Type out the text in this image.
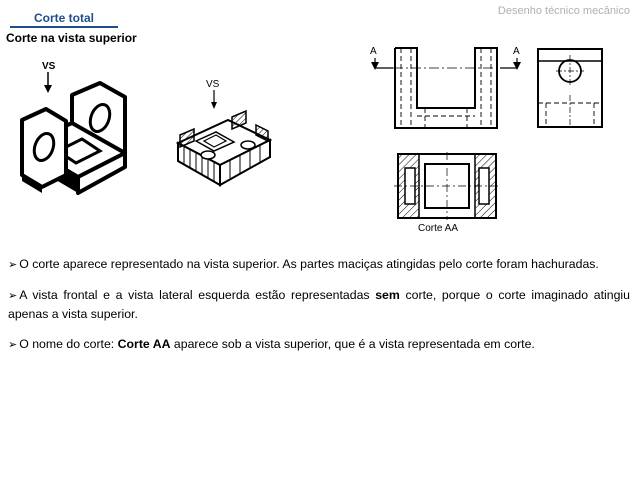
Desenho técnico mecânico
Corte total
Corte na vista superior
VS
VS
A	A
Corte AA

➢ O corte aparece representado na vista superior. As partes maciças atingidas pelo corte foram hachuradas.

➢ A vista frontal e a vista lateral esquerda estão representadas sem corte, porque o corte imaginado atingiu apenas a vista superior.

➢ O nome do corte: Corte AA aparece sob a vista superior, que é a vista representada em corte.
